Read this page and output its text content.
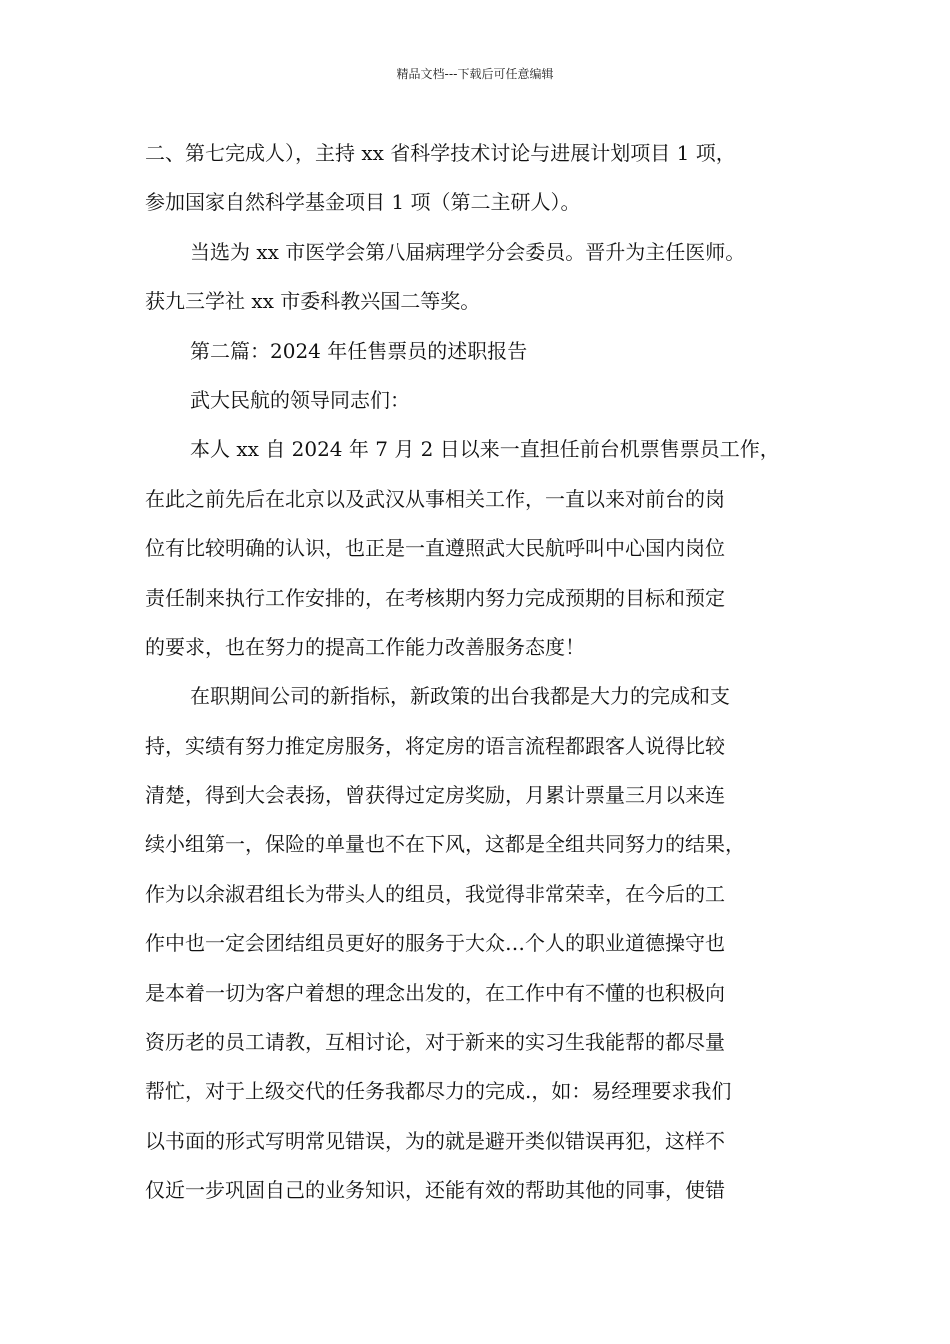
精品文档---下载后可任意编辑
二、第七完成人），主持 xx 省科学技术讨论与进展计划项目 1 项，
参加国家自然科学基金项目 1 项（第二主研人）。
当选为 xx 市医学会第八届病理学分会委员。晋升为主任医师。
获九三学社 xx 市委科教兴国二等奖。
第二篇：2024 年任售票员的述职报告
武大民航的领导同志们：
本人 xx 自 2024 年 7 月 2 日以来一直担任前台机票售票员工作，
在此之前先后在北京以及武汉从事相关工作，一直以来对前台的岗
位有比较明确的认识，也正是一直遵照武大民航呼叫中心国内岗位
责任制来执行工作安排的，在考核期内努力完成预期的目标和预定
的要求，也在努力的提高工作能力改善服务态度！
在职期间公司的新指标，新政策的出台我都是大力的完成和支
持，实绩有努力推定房服务，将定房的语言流程都跟客人说得比较
清楚，得到大会表扬，曾获得过定房奖励，月累计票量三月以来连
续小组第一，保险的单量也不在下风，这都是全组共同努力的结果，
作为以余淑君组长为带头人的组员，我觉得非常荣幸，在今后的工
作中也一定会团结组员更好的服务于大众…个人的职业道德操守也
是本着一切为客户着想的理念出发的，在工作中有不懂的也积极向
资历老的员工请教，互相讨论，对于新来的实习生我能帮的都尽量
帮忙，对于上级交代的任务我都尽力的完成.，如：易经理要求我们
以书面的形式写明常见错误，为的就是避开类似错误再犯，这样不
仅近一步巩固自己的业务知识，还能有效的帮助其他的同事，使错
